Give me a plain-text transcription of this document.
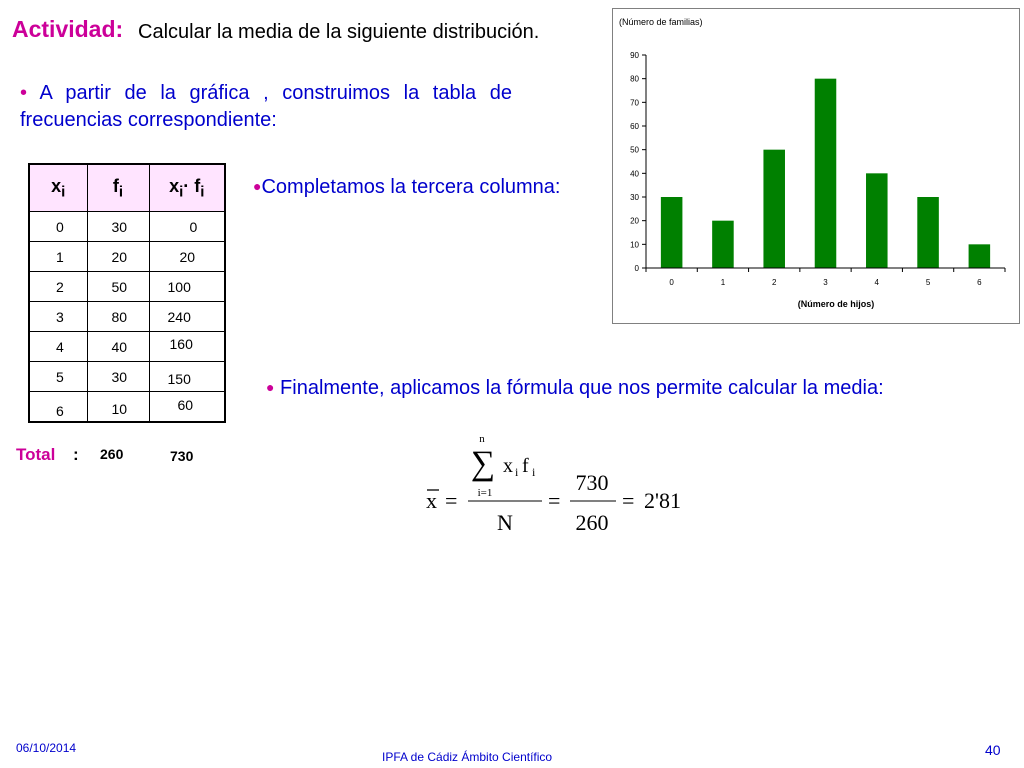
Actividad: Calcular la media de la siguiente distribución.
• A partir de la gráfica , construimos la tabla de frecuencias correspondiente:
$x_i$	$f_i$	$x_i\cdot f_i$
0	30	0
1	20	20
2	50	100
3	80	240
4	40	160
5	30	150
6	10	60
Total : 260	730
●Completamos la tercera columna:
(Número de familias)
0
10
20
30
40
50
60
70
80
90
0	1	2	3	4	5	6
(Número de hijos)
● Finalmente, aplicamos la fórmula que nos permite calcular la media:
x =
n
∑
i=1
x i f i
N
=
730
260
= 2'81
06/10/2014
IPFA de Cádiz Ámbito Científico	40
